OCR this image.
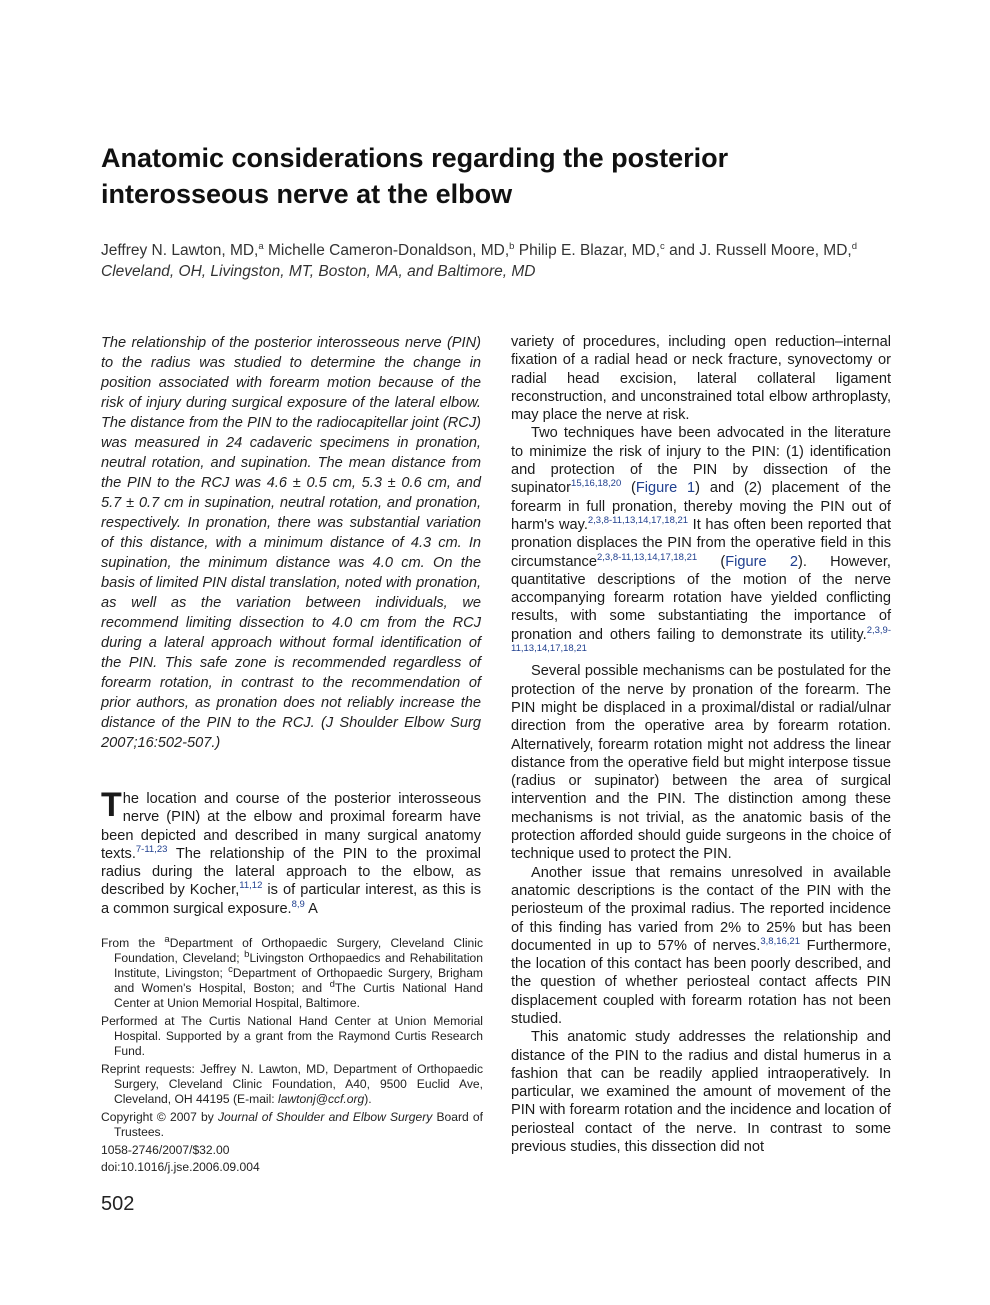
Anatomic considerations regarding the posterior interosseous nerve at the elbow
Jeffrey N. Lawton, MD,$^a$ Michelle Cameron-Donaldson, MD,$^b$ Philip E. Blazar, MD,$^c$ and J. Russell Moore, MD,$^d$
Cleveland, OH, Livingston, MT, Boston, MA, and Baltimore, MD

The relationship of the posterior interosseous nerve (PIN) to the radius was studied to determine the change in position associated with forearm motion because of the risk of injury during surgical exposure of the lateral elbow. The distance from the PIN to the radiocapitellar joint (RCJ) was measured in 24 cadaveric specimens in pronation, neutral rotation, and supination. The mean distance from the PIN to the RCJ was 4.6 ± 0.5 cm, 5.3 ± 0.6 cm, and 5.7 ± 0.7 cm in supination, neutral rotation, and pronation, respectively. In pronation, there was substantial variation of this distance, with a minimum distance of 4.3 cm. In supination, the minimum distance was 4.0 cm. On the basis of limited PIN distal translation, noted with pronation, as well as the variation between individuals, we recommend limiting dissection to 4.0 cm from the RCJ during a lateral approach without formal identification of the PIN. This safe zone is recommended regardless of forearm rotation, in contrast to the recommendation of prior authors, as pronation does not reliably increase the distance of the PIN to the RCJ. (J Shoulder Elbow Surg 2007;16:502-507.)

The location and course of the posterior interosseous nerve (PIN) at the elbow and proximal forearm have been depicted and described in many surgical anatomy texts.$^{7-11,23}$ The relationship of the PIN to the proximal radius during the lateral approach to the elbow, as described by Kocher,$^{11,12}$ is of particular interest, as this is a common surgical exposure.$^{8,9}$ A

From the $^a$Department of Orthopaedic Surgery, Cleveland Clinic Foundation, Cleveland; $^b$Livingston Orthopaedics and Rehabilitation Institute, Livingston; $^c$Department of Orthopaedic Surgery, Brigham and Women's Hospital, Boston; and $^d$The Curtis National Hand Center at Union Memorial Hospital, Baltimore.

Performed at The Curtis National Hand Center at Union Memorial Hospital. Supported by a grant from the Raymond Curtis Research Fund.

Reprint requests: Jeffrey N. Lawton, MD, Department of Orthopaedic Surgery, Cleveland Clinic Foundation, A40, 9500 Euclid Ave, Cleveland, OH 44195 (E-mail: lawtonj@ccf.org).

Copyright © 2007 by Journal of Shoulder and Elbow Surgery Board of Trustees.

1058-2746/2007/$32.00

doi:10.1016/j.jse.2006.09.004

502

variety of procedures, including open reduction–internal fixation of a radial head or neck fracture, synovectomy or radial head excision, lateral collateral ligament reconstruction, and unconstrained total elbow arthroplasty, may place the nerve at risk.

Two techniques have been advocated in the literature to minimize the risk of injury to the PIN: (1) identification and protection of the PIN by dissection of the supinator$^{15,16,18,20}$ (Figure 1) and (2) placement of the forearm in full pronation, thereby moving the PIN out of harm's way.$^{2,3,8-11,13,14,17,18,21}$ It has often been reported that pronation displaces the PIN from the operative field in this circumstance$^{2,3,8-11,13,14,17,18,21}$ (Figure 2). However, quantitative descriptions of the motion of the nerve accompanying forearm rotation have yielded conflicting results, with some substantiating the importance of pronation and others failing to demonstrate its utility.$^{2,3,9-11,13,14,17,18,21}$

Several possible mechanisms can be postulated for the protection of the nerve by pronation of the forearm. The PIN might be displaced in a proximal/distal or radial/ulnar direction from the operative area by forearm rotation. Alternatively, forearm rotation might not address the linear distance from the operative field but might interpose tissue (radius or supinator) between the area of surgical intervention and the PIN. The distinction among these mechanisms is not trivial, as the anatomic basis of the protection afforded should guide surgeons in the choice of technique used to protect the PIN.

Another issue that remains unresolved in available anatomic descriptions is the contact of the PIN with the periosteum of the proximal radius. The reported incidence of this finding has varied from 2% to 25% but has been documented in up to 57% of nerves.$^{3,8,16,21}$ Furthermore, the location of this contact has been poorly described, and the question of whether periosteal contact affects PIN displacement coupled with forearm rotation has not been studied.

This anatomic study addresses the relationship and distance of the PIN to the radius and distal humerus in a fashion that can be readily applied intraoperatively. In particular, we examined the amount of movement of the PIN with forearm rotation and the incidence and location of periosteal contact of the nerve. In contrast to some previous studies, this dissection did not
